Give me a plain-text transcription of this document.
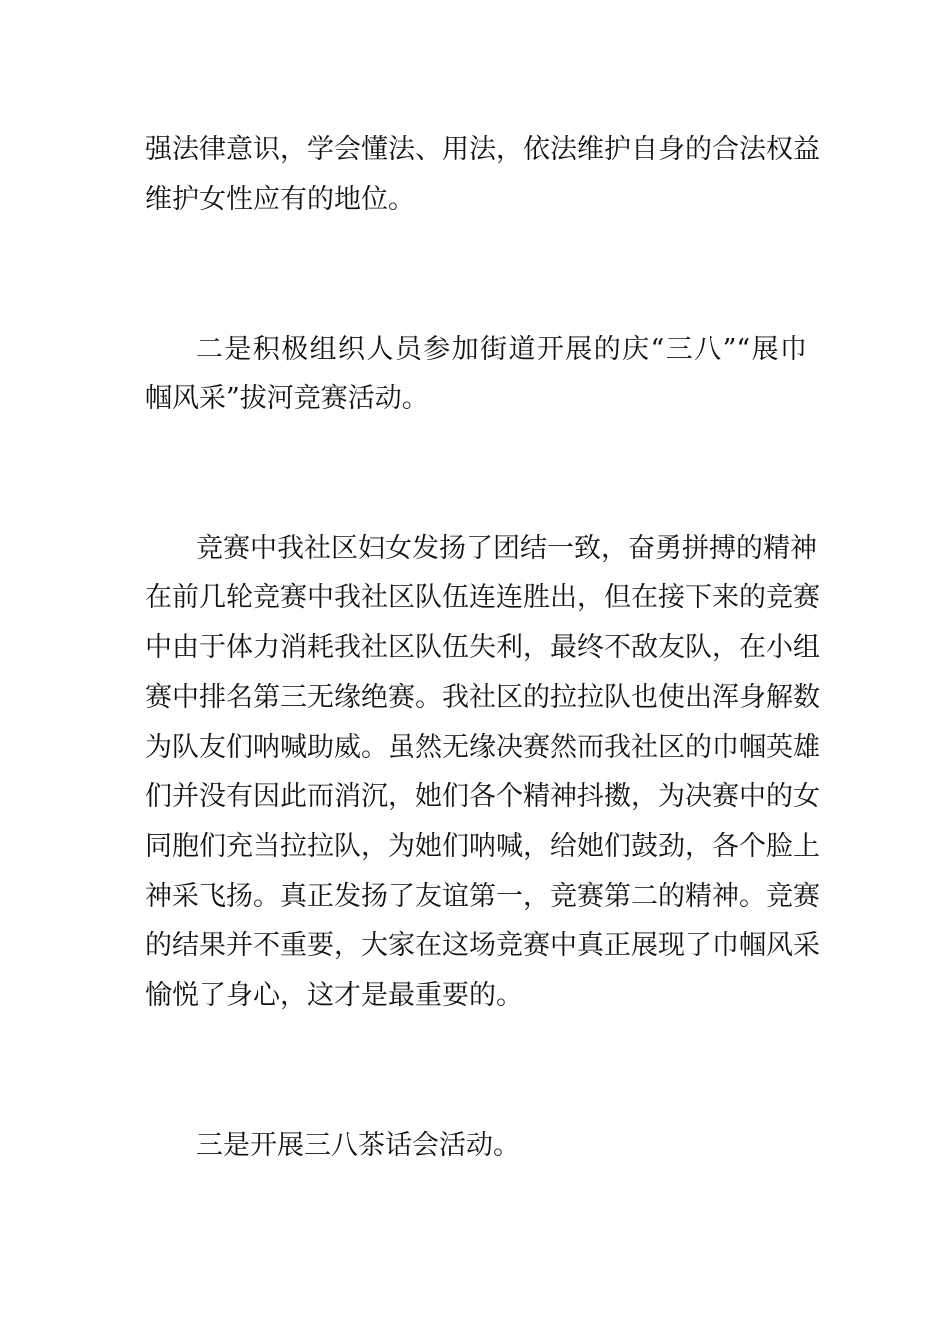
强法律意识，学会懂法、用法，依法维护自身的合法权益

维护女性应有的地位。

二是积极组织人员参加街道开展的庆“三八”“展巾

帼风采”拔河竞赛活动。

竞赛中我社区妇女发扬了团结一致，奋勇拼搏的精神

在前几轮竞赛中我社区队伍连连胜出，但在接下来的竞赛

中由于体力消耗我社区队伍失利，最终不敌友队，在小组

赛中排名第三无缘绝赛。我社区的拉拉队也使出浑身解数

为队友们呐喊助威。虽然无缘决赛然而我社区的巾帼英雄

们并没有因此而消沉，她们各个精神抖擞，为决赛中的女

同胞们充当拉拉队，为她们呐喊，给她们鼓劲，各个脸上

神采飞扬。真正发扬了友谊第一，竞赛第二的精神。竞赛

的结果并不重要，大家在这场竞赛中真正展现了巾帼风采

愉悦了身心，这才是最重要的。

三是开展三八茶话会活动。
